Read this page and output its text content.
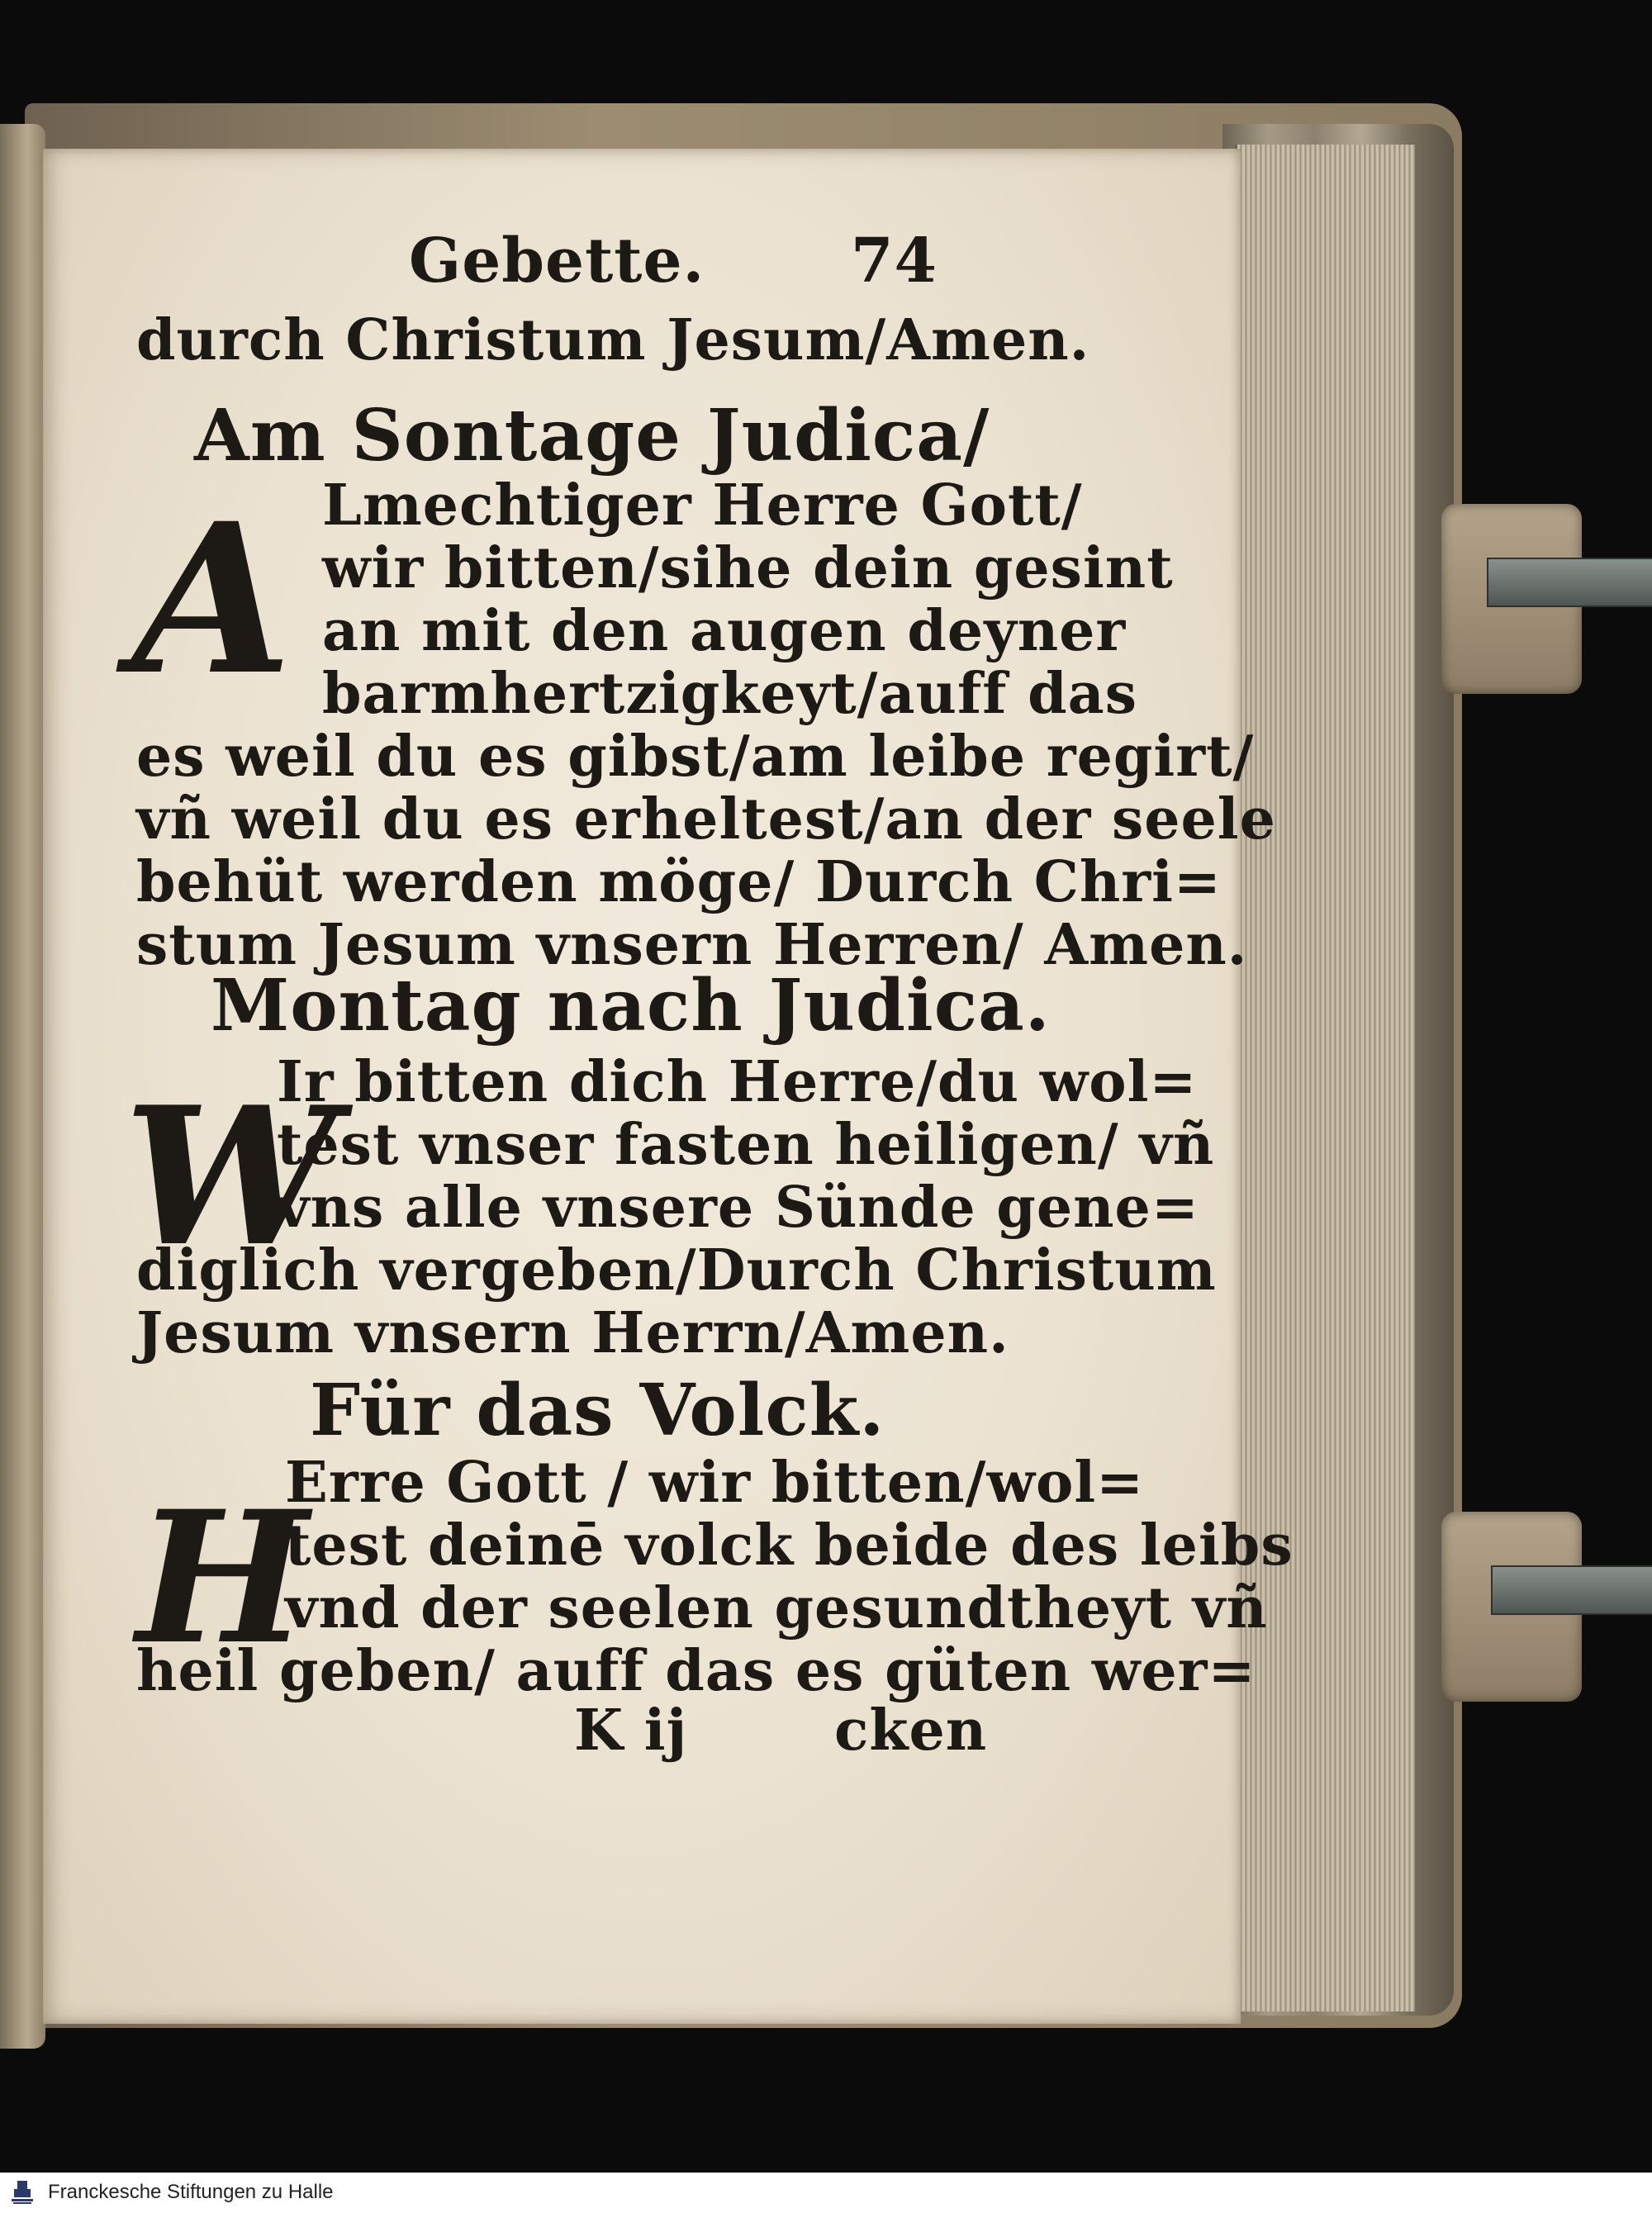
Gebette. 74
durch Christum Jesum/Amen.
Am Sontage Judica/
A Lmechtiger Herre Gott/
wir bitten/sihe dein gesint
an mit den augen deyner
barmhertzigkeyt/auff das
es weil du es gibst/am leibe regirt/
vñ weil du es erheltest/an der seele
behüt werden möge/ Durch Chri=
stum Jesum vnsern Herren/ Amen.
Montag nach Judica.
W
Ir bitten dich Herre/du wol=
test vnser fasten heiligen/ vñ
vns alle vnsere Sünde gene=
diglich vergeben/Durch Christum
Jesum vnsern Herrn/Amen.
Für das Volck.
H
Erre Gott / wir bitten/wol=
test deinē volck beide des leibs
vnd der seelen gesundtheyt vñ
heil geben/ auff das es güten wer=
K ij	cken
Franckesche Stiftungen zu Halle
